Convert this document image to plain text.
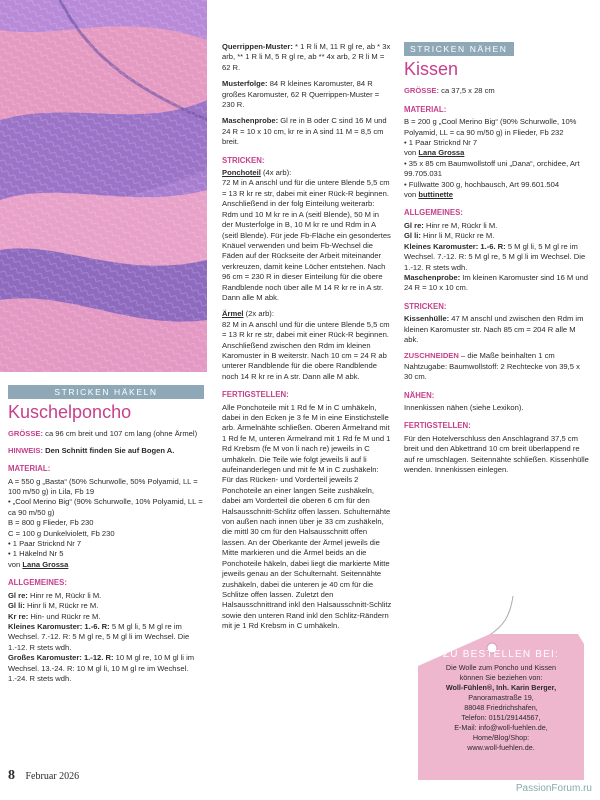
STRICKEN HÄKELN
Kuschelponcho

GRÖSSE: ca 96 cm breit und 107 cm lang (ohne Ärmel)

HINWEIS: Den Schnitt finden Sie auf Bogen A.

MATERIAL:
A = 550 g „Basta“ (50% Schurwolle, 50% Polyamid, LL = 100 m/50 g) in Lila, Fb 19
• „Cool Merino Big“ (90% Schurwolle, 10% Polyamid, LL = ca 90 m/50 g)
B = 800 g Flieder, Fb 230
C = 100 g Dunkelviolett, Fb 230
• 1 Paar Stricknd Nr 7
• 1 Häkelnd Nr 5
von Lana Grossa
ALLGEMEINES:
Gl re: Hinr re M, Rückr li M.
Gl li: Hinr li M, Rückr re M.
Kr re: Hin- und Rückr re M.
Kleines Karomuster: 1.-6. R: 5 M gl li, 5 M gl re im Wechsel. 7.-12. R: 5 M gl re, 5 M gl li im Wechsel. Die 1.-12. R stets wdh.
Großes Karomuster: 1.-12. R: 10 M gl re, 10 M gl li im Wechsel. 13.-24. R: 10 M gl li, 10 M gl re im Wechsel. 1.-24. R stets wdh.

Querrippen-Muster: * 1 R li M, 11 R gl re, ab * 3x arb, ** 1 R li M, 5 R gl re, ab ** 4x arb, 2 R li M = 62 R.

Musterfolge: 84 R kleines Karomuster, 84 R großes Karomuster, 62 R Querrippen-Muster = 230 R.

Maschenprobe: Gl re in B oder C sind 16 M und 24 R = 10 x 10 cm, kr re in A sind 11 M = 8,5 cm breit.

STRICKEN:
Ponchoteil (4x arb):

72 M in A anschl und für die untere Blende 5,5 cm = 13 R kr re str, dabei mit einer Rück-R beginnen. Anschließend in der folg Einteilung weiterarb: Rdm und 10 M kr re in A (seitl Blende), 50 M in der Musterfolge in B, 10 M kr re und Rdm in A (seitl Blende). Für jede Fb-Fläche ein gesondertes Knäuel verwenden und beim Fb-Wechsel die Fäden auf der Rückseite der Arbeit miteinander verkreuzen, damit keine Löcher entstehen. Nach 96 cm = 230 R in dieser Einteilung für die obere Randblende noch über alle M 14 R kr re in A str. Dann alle M abk.

Ärmel (2x arb):

82 M in A anschl und für die untere Blende 5,5 cm = 13 R kr re str, dabei mit einer Rück-R beginnen. Anschließend zwischen den Rdm im kleinen Karomuster in B weiterstr. Nach 10 cm = 24 R ab unterer Randblende für die obere Randblende noch 14 R kr re in A str. Dann alle M abk.

FERTIGSTELLEN:

Alle Ponchoteile mit 1 Rd fe M in C umhäkeln, dabei in den Ecken je 3 fe M in eine Einstichstelle arb. Ärmelnähte schließen. Oberen Ärmelrand mit 1 Rd fe M, unteren Ärmelrand mit 1 Rd fe M und 1 Rd Krebsm (fe M von li nach re) jeweils in C umhäkeln. Die Teile wie folgt jeweils li auf li aufeinanderlegen und mit fe M in C zushäkeln: Für das Rücken- und Vorderteil jeweils 2 Ponchoteile an einer langen Seite zushäkeln, dabei am Vorderteil die oberen 6 cm für den Halsausschnitt-Schlitz offen lassen. Schulternähte von außen nach innen über je 33 cm zushäkeln, die mittl 30 cm für den Halsausschnitt offen lassen. An der Oberkante der Ärmel jeweils die Mitte markieren und die Ärmel beids an die Ponchoteile häkeln, dabei liegt die markierte Mitte jeweils genau an der Schulternaht. Seitennähte zushäkeln, dabei die unteren je 40 cm für die Schlitze offen lassen. Zuletzt den Halsausschnittrand inkl den Halsausschnitt-Schlitz sowie den unteren Rand inkl den Schlitz-Rändern mit je 1 Rd Krebsm in C umhäkeln.

STRICKEN NÄHEN
Kissen

GRÖSSE: ca 37,5 x 28 cm

MATERIAL:
B = 200 g „Cool Merino Big“ (90% Schurwolle, 10% Polyamid, LL = ca 90 m/50 g) in Flieder, Fb 232
• 1 Paar Stricknd Nr 7
von Lana Grossa
• 35 x 85 cm Baumwollstoff uni „Dana“, orchidee, Art 99.705.031
• Füllwatte 300 g, hochbausch, Art 99.601.504
von buttinette
ALLGEMEINES:
Gl re: Hinr re M, Rückr li M.
Gl li: Hinr li M, Rückr re M.
Kleines Karomuster: 1.-6. R: 5 M gl li, 5 M gl re im Wechsel. 7.-12. R: 5 M gl re, 5 M gl li im Wechsel. Die 1.-12. R stets wdh.
Maschenprobe: Im kleinen Karomuster sind 16 M und 24 R = 10 x 10 cm.
STRICKEN:
Kissenhülle: 47 M anschl und zwischen den Rdm im kleinen Karomuster str. Nach 85 cm = 204 R alle M abk.

ZUSCHNEIDEN – die Maße beinhalten 1 cm Nahtzugabe: Baumwollstoff: 2 Rechtecke von 39,5 x 30 cm.

NÄHEN:
Innenkissen nähen (siehe Lexikon).
FERTIGSTELLEN:
Für den Hotelverschluss den Anschlagrand 37,5 cm breit und den Abkettrand 10 cm breit überlappend re auf re umschlagen. Seitennähte schließen. Kissenhülle wenden. Innenkissen einlegen.
ZU BESTELLEN BEI:
Die Wolle zum Poncho und Kissen
können Sie beziehen von:
Woll-Fühlen®, Inh. Karin Berger,
Panoramastraße 19,
88048 Friedrichshafen,
Telefon: 0151/29144567,
E-Mail: info@woll-fuehlen.de,
Home/Blog/Shop:
www.woll-fuehlen.de.
8 Februar 2026
PassionForum.ru
